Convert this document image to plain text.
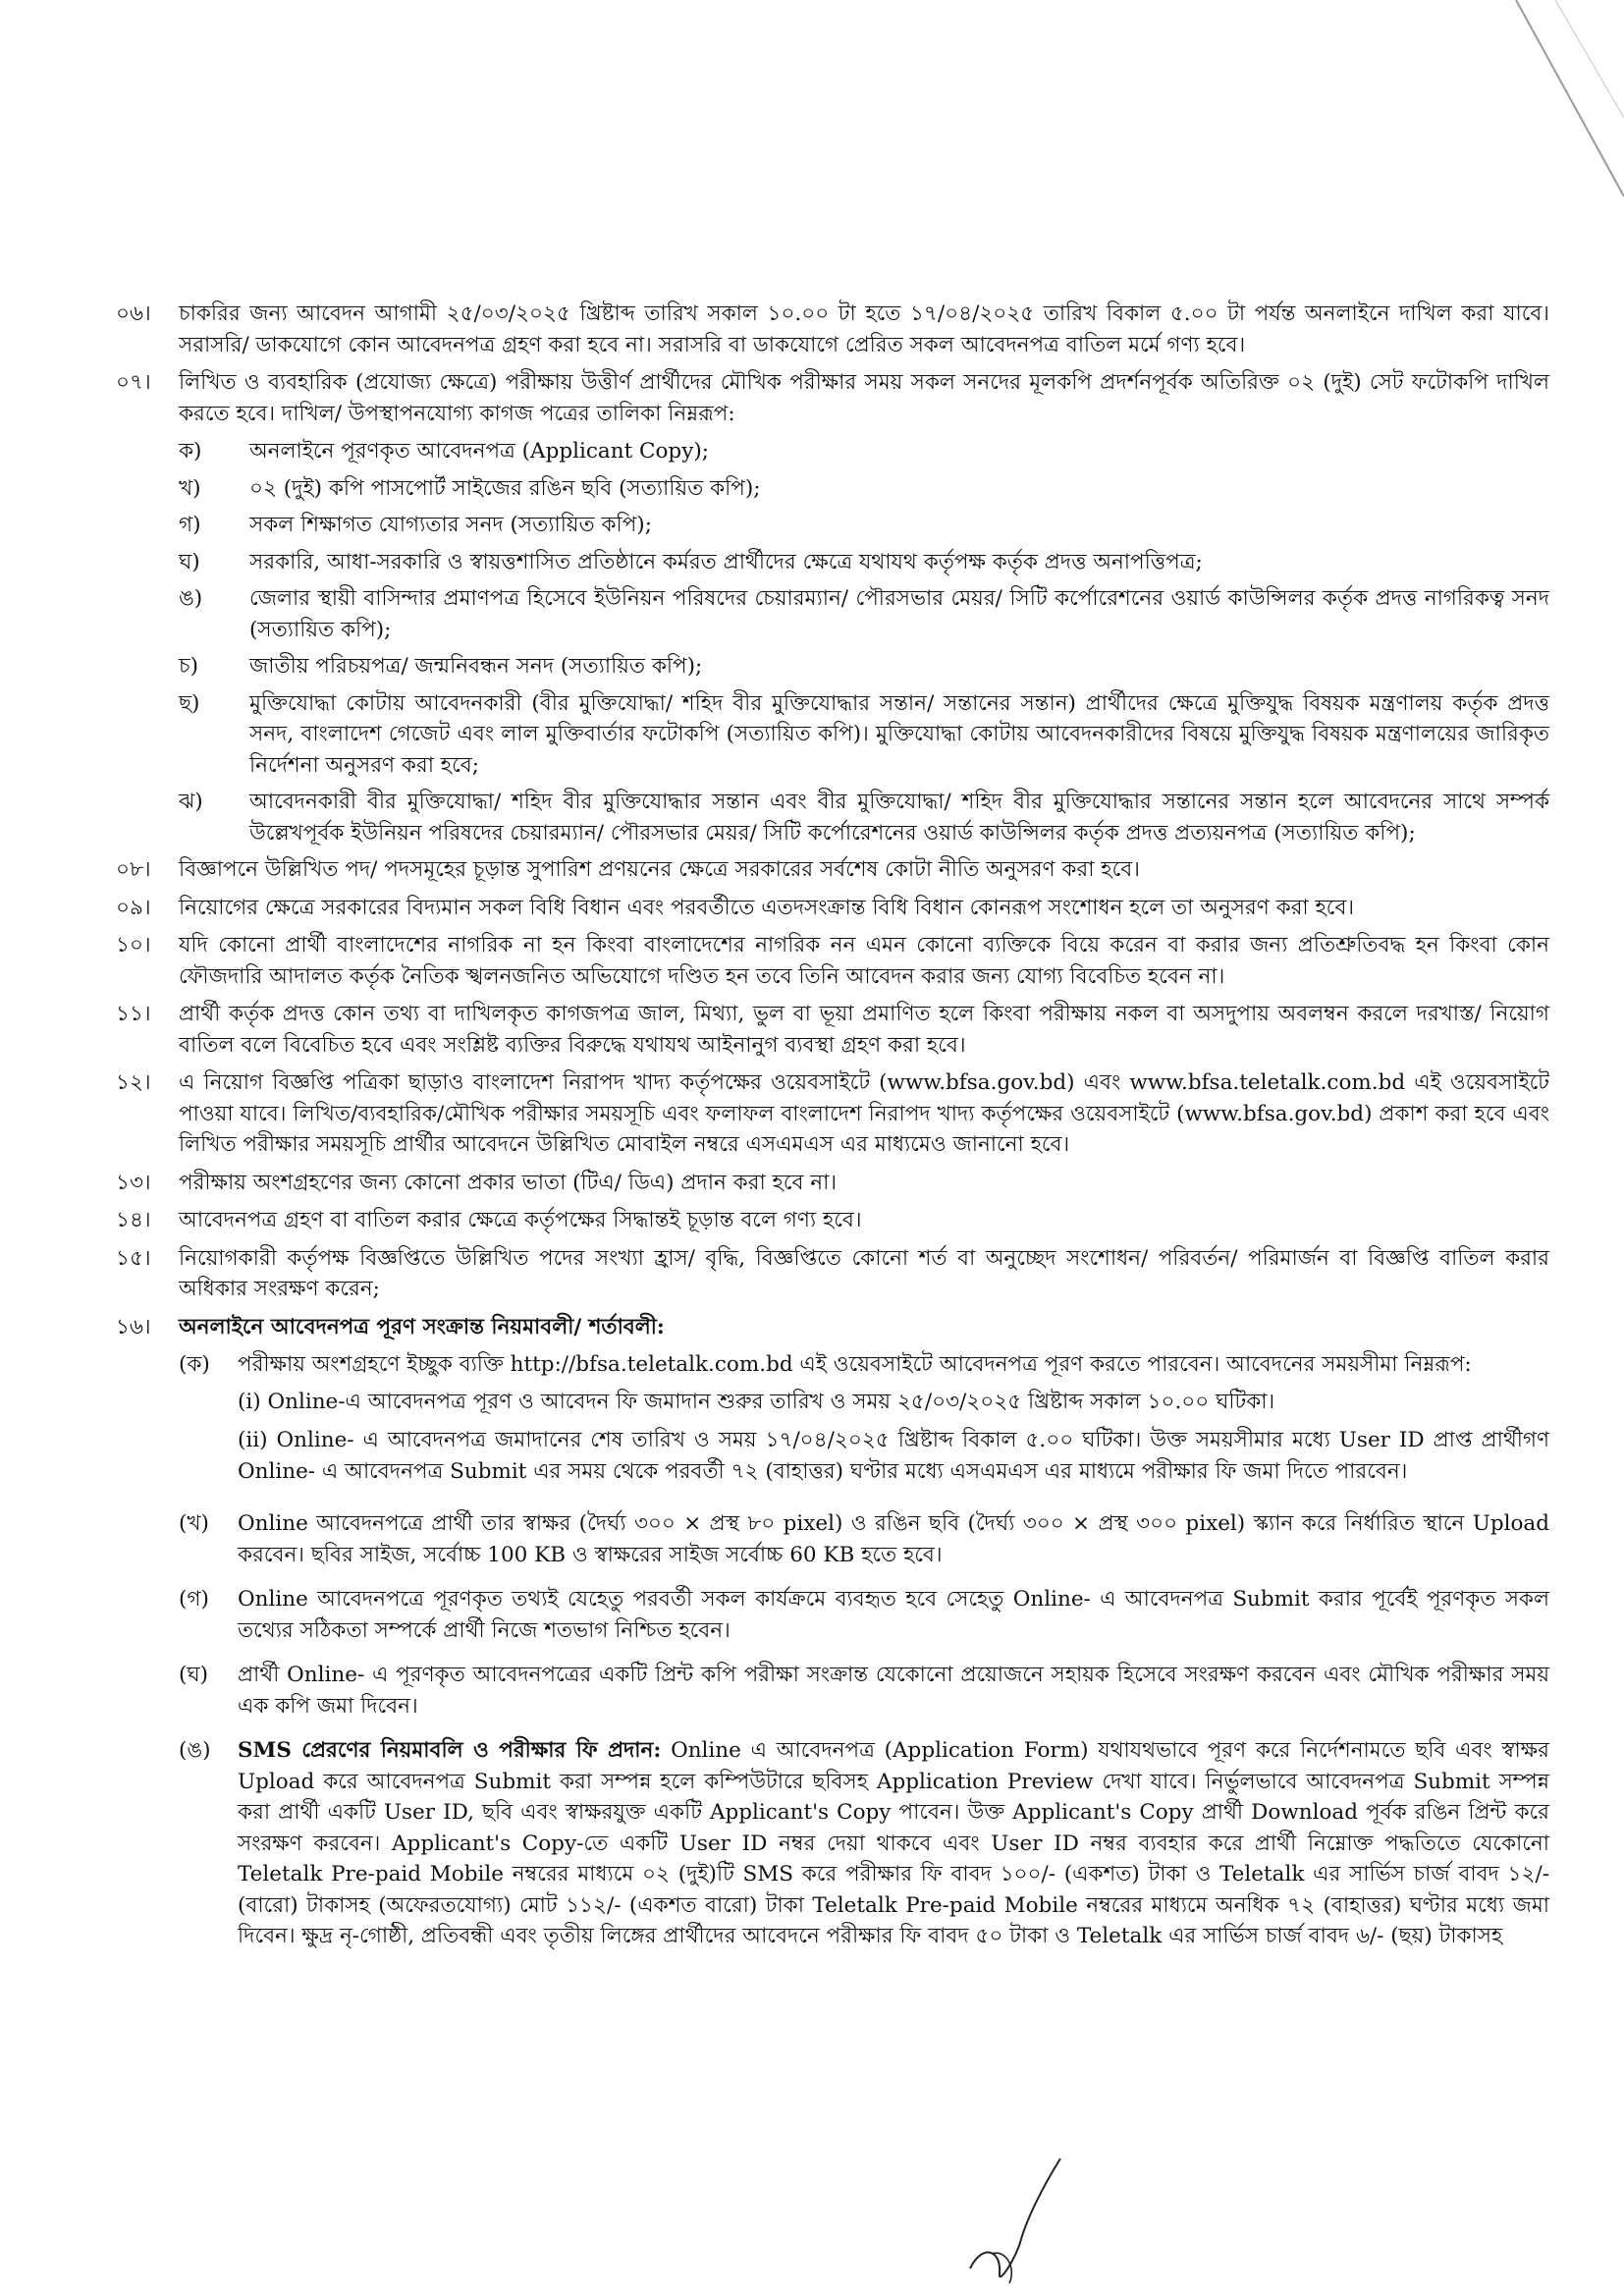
০৬।	চাকরির জন্য আবেদন আগামী ২৫/০৩/২০২৫ খ্রিষ্টাব্দ তারিখ সকাল ১০.০০ টা হতে ১৭/০৪/২০২৫ তারিখ বিকাল ৫.০০ টা পর্যন্ত অনলাইনে দাখিল করা যাবে। সরাসরি/ ডাকযোগে কোন আবেদনপত্র গ্রহণ করা হবে না। সরাসরি বা ডাকযোগে প্রেরিত সকল আবেদনপত্র বাতিল মর্মে গণ্য হবে।
০৭।	লিখিত ও ব্যবহারিক (প্রযোজ্য ক্ষেত্রে) পরীক্ষায় উত্তীর্ণ প্রার্থীদের মৌখিক পরীক্ষার সময় সকল সনদের মূলকপি প্রদর্শনপূর্বক অতিরিক্ত ০২ (দুই) সেট ফটোকপি দাখিল করতে হবে। দাখিল/ উপস্থাপনযোগ্য কাগজ পত্রের তালিকা নিম্নরূপ:
ক)	অনলাইনে পূরণকৃত আবেদনপত্র (Applicant Copy);
খ)	০২ (দুই) কপি পাসপোর্ট সাইজের রঙিন ছবি (সত্যায়িত কপি);
গ)	সকল শিক্ষাগত যোগ্যতার সনদ (সত্যায়িত কপি);
ঘ)	সরকারি, আধা-সরকারি ও স্বায়ত্তশাসিত প্রতিষ্ঠানে কর্মরত প্রার্থীদের ক্ষেত্রে যথাযথ কর্তৃপক্ষ কর্তৃক প্রদত্ত অনাপত্তিপত্র;
ঙ)	জেলার স্থায়ী বাসিন্দার প্রমাণপত্র হিসেবে ইউনিয়ন পরিষদের চেয়ারম্যান/ পৌরসভার মেয়র/ সিটি কর্পোরেশনের ওয়ার্ড কাউন্সিলর কর্তৃক প্রদত্ত নাগরিকত্ব সনদ (সত্যায়িত কপি);
চ)	জাতীয় পরিচয়পত্র/ জন্মনিবন্ধন সনদ (সত্যায়িত কপি);
ছ)	মুক্তিযোদ্ধা কোটায় আবেদনকারী (বীর মুক্তিযোদ্ধা/ শহিদ বীর মুক্তিযোদ্ধার সন্তান/ সন্তানের সন্তান) প্রার্থীদের ক্ষেত্রে মুক্তিযুদ্ধ বিষয়ক মন্ত্রণালয় কর্তৃক প্রদত্ত সনদ, বাংলাদেশ গেজেট এবং লাল মুক্তিবার্তার ফটোকপি (সত্যায়িত কপি)। মুক্তিযোদ্ধা কোটায় আবেদনকারীদের বিষয়ে মুক্তিযুদ্ধ বিষয়ক মন্ত্রণালয়ের জারিকৃত নির্দেশনা অনুসরণ করা হবে;
ঝ)	আবেদনকারী বীর মুক্তিযোদ্ধা/ শহিদ বীর মুক্তিযোদ্ধার সন্তান এবং বীর মুক্তিযোদ্ধা/ শহিদ বীর মুক্তিযোদ্ধার সন্তানের সন্তান হলে আবেদনের সাথে সম্পর্ক উল্লেখপূর্বক ইউনিয়ন পরিষদের চেয়ারম্যান/ পৌরসভার মেয়র/ সিটি কর্পোরেশনের ওয়ার্ড কাউন্সিলর কর্তৃক প্রদত্ত প্রত্যয়নপত্র (সত্যায়িত কপি);
০৮।	বিজ্ঞাপনে উল্লিখিত পদ/ পদসমূহের চূড়ান্ত সুপারিশ প্রণয়নের ক্ষেত্রে সরকারের সর্বশেষ কোটা নীতি অনুসরণ করা হবে।
০৯।	নিয়োগের ক্ষেত্রে সরকারের বিদ্যমান সকল বিধি বিধান এবং পরবর্তীতে এতদসংক্রান্ত বিধি বিধান কোনরূপ সংশোধন হলে তা অনুসরণ করা হবে।
১০।	যদি কোনো প্রার্থী বাংলাদেশের নাগরিক না হন কিংবা বাংলাদেশের নাগরিক নন এমন কোনো ব্যক্তিকে বিয়ে করেন বা করার জন্য প্রতিশ্রুতিবদ্ধ হন কিংবা কোন ফৌজদারি আদালত কর্তৃক নৈতিক স্খলনজনিত অভিযোগে দণ্ডিত হন তবে তিনি আবেদন করার জন্য যোগ্য বিবেচিত হবেন না।
১১।	প্রার্থী কর্তৃক প্রদত্ত কোন তথ্য বা দাখিলকৃত কাগজপত্র জাল, মিথ্যা, ভুল বা ভূয়া প্রমাণিত হলে কিংবা পরীক্ষায় নকল বা অসদুপায় অবলম্বন করলে দরখাস্ত/ নিয়োগ বাতিল বলে বিবেচিত হবে এবং সংশ্লিষ্ট ব্যক্তির বিরুদ্ধে যথাযথ আইনানুগ ব্যবস্থা গ্রহণ করা হবে।
১২।	এ নিয়োগ বিজ্ঞপ্তি পত্রিকা ছাড়াও বাংলাদেশ নিরাপদ খাদ্য কর্তৃপক্ষের ওয়েবসাইটে (www.bfsa.gov.bd) এবং www.bfsa.teletalk.com.bd এই ওয়েবসাইটে পাওয়া যাবে। লিখিত/ব্যবহারিক/মৌখিক পরীক্ষার সময়সূচি এবং ফলাফল বাংলাদেশ নিরাপদ খাদ্য কর্তৃপক্ষের ওয়েবসাইটে (www.bfsa.gov.bd) প্রকাশ করা হবে এবং লিখিত পরীক্ষার সময়সূচি প্রার্থীর আবেদনে উল্লিখিত মোবাইল নম্বরে এসএমএস এর মাধ্যমেও জানানো হবে।
১৩।	পরীক্ষায় অংশগ্রহণের জন্য কোনো প্রকার ভাতা (টিএ/ ডিএ) প্রদান করা হবে না।
১৪।	আবেদনপত্র গ্রহণ বা বাতিল করার ক্ষেত্রে কর্তৃপক্ষের সিদ্ধান্তই চূড়ান্ত বলে গণ্য হবে।
১৫।	নিয়োগকারী কর্তৃপক্ষ বিজ্ঞপ্তিতে উল্লিখিত পদের সংখ্যা হ্রাস/ বৃদ্ধি, বিজ্ঞপ্তিতে কোনো শর্ত বা অনুচ্ছেদ সংশোধন/ পরিবর্তন/ পরিমার্জন বা বিজ্ঞপ্তি বাতিল করার অধিকার সংরক্ষণ করেন;
১৬।	অনলাইনে আবেদনপত্র পূরণ সংক্রান্ত নিয়মাবলী/ শর্তাবলী:
(ক)	পরীক্ষায় অংশগ্রহণে ইচ্ছুক ব্যক্তি http://bfsa.teletalk.com.bd এই ওয়েবসাইটে আবেদনপত্র পূরণ করতে পারবেন। আবেদনের সময়সীমা নিম্নরূপ:

(i) Online-এ আবেদনপত্র পূরণ ও আবেদন ফি জমাদান শুরুর তারিখ ও সময় ২৫/০৩/২০২৫ খ্রিষ্টাব্দ সকাল ১০.০০ ঘটিকা।

(ii) Online- এ আবেদনপত্র জমাদানের শেষ তারিখ ও সময় ১৭/০৪/২০২৫ খ্রিষ্টাব্দ বিকাল ৫.০০ ঘটিকা। উক্ত সময়সীমার মধ্যে User ID প্রাপ্ত প্রার্থীগণ Online- এ আবেদনপত্র Submit এর সময় থেকে পরবর্তী ৭২ (বাহাত্তর) ঘণ্টার মধ্যে এসএমএস এর মাধ্যমে পরীক্ষার ফি জমা দিতে পারবেন।

(খ)	Online আবেদনপত্রে প্রার্থী তার স্বাক্ষর (দৈর্ঘ্য ৩০০ × প্রস্থ ৮০ pixel) ও রঙিন ছবি (দৈর্ঘ্য ৩০০ × প্রস্থ ৩০০ pixel) স্ক্যান করে নির্ধারিত স্থানে Upload করবেন। ছবির সাইজ, সর্বোচ্চ 100 KB ও স্বাক্ষরের সাইজ সর্বোচ্চ 60 KB হতে হবে।
(গ)	Online আবেদনপত্রে পূরণকৃত তথ্যই যেহেতু পরবর্তী সকল কার্যক্রমে ব্যবহৃত হবে সেহেতু Online- এ আবেদনপত্র Submit করার পূর্বেই পূরণকৃত সকল তথ্যের সঠিকতা সম্পর্কে প্রার্থী নিজে শতভাগ নিশ্চিত হবেন।
(ঘ)	প্রার্থী Online- এ পূরণকৃত আবেদনপত্রের একটি প্রিন্ট কপি পরীক্ষা সংক্রান্ত যেকোনো প্রয়োজনে সহায়ক হিসেবে সংরক্ষণ করবেন এবং মৌখিক পরীক্ষার সময় এক কপি জমা দিবেন।
(ঙ)	SMS প্রেরণের নিয়মাবলি ও পরীক্ষার ফি প্রদান: Online এ আবেদনপত্র (Application Form) যথাযথভাবে পূরণ করে নির্দেশনামতে ছবি এবং স্বাক্ষর Upload করে আবেদনপত্র Submit করা সম্পন্ন হলে কম্পিউটারে ছবিসহ Application Preview দেখা যাবে। নির্ভুলভাবে আবেদনপত্র Submit সম্পন্ন করা প্রার্থী একটি User ID, ছবি এবং স্বাক্ষরযুক্ত একটি Applicant's Copy পাবেন। উক্ত Applicant's Copy প্রার্থী Download পূর্বক রঙিন প্রিন্ট করে সংরক্ষণ করবেন। Applicant's Copy-তে একটি User ID নম্বর দেয়া থাকবে এবং User ID নম্বর ব্যবহার করে প্রার্থী নিম্নোক্ত পদ্ধতিতে যেকোনো Teletalk Pre-paid Mobile নম্বরের মাধ্যমে ০২ (দুই)টি SMS করে পরীক্ষার ফি বাবদ ১০০/- (একশত) টাকা ও Teletalk এর সার্ভিস চার্জ বাবদ ১২/- (বারো) টাকাসহ (অফেরতযোগ্য) মোট ১১২/- (একশত বারো) টাকা Teletalk Pre-paid Mobile নম্বরের মাধ্যমে অনধিক ৭২ (বাহাত্তর) ঘণ্টার মধ্যে জমা দিবেন। ক্ষুদ্র নৃ-গোষ্ঠী, প্রতিবন্ধী এবং তৃতীয় লিঙ্গের প্রার্থীদের আবেদনে পরীক্ষার ফি বাবদ ৫০ টাকা ও Teletalk এর সার্ভিস চার্জ বাবদ ৬/- (ছয়) টাকাসহ
